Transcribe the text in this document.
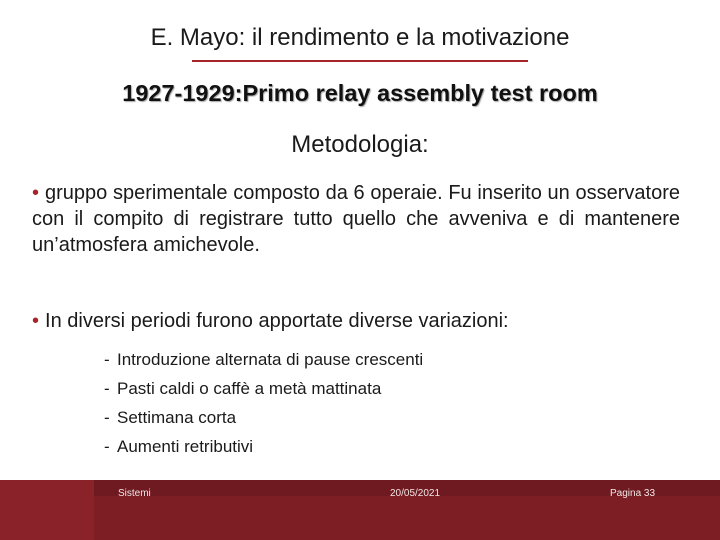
E. Mayo: il rendimento e la motivazione
1927-1929:Primo relay assembly test room
Metodologia:
• gruppo sperimentale composto da 6 operaie. Fu inserito un osservatore con il compito di registrare tutto quello che avveniva e di mantenere un’atmosfera amichevole.
• In diversi periodi furono apportate diverse variazioni:
- Introduzione alternata di pause crescenti
- Pasti caldi o caffè a metà mattinata
- Settimana corta
- Aumenti retributivi
Sistemi	20/05/2021	Pagina 33
